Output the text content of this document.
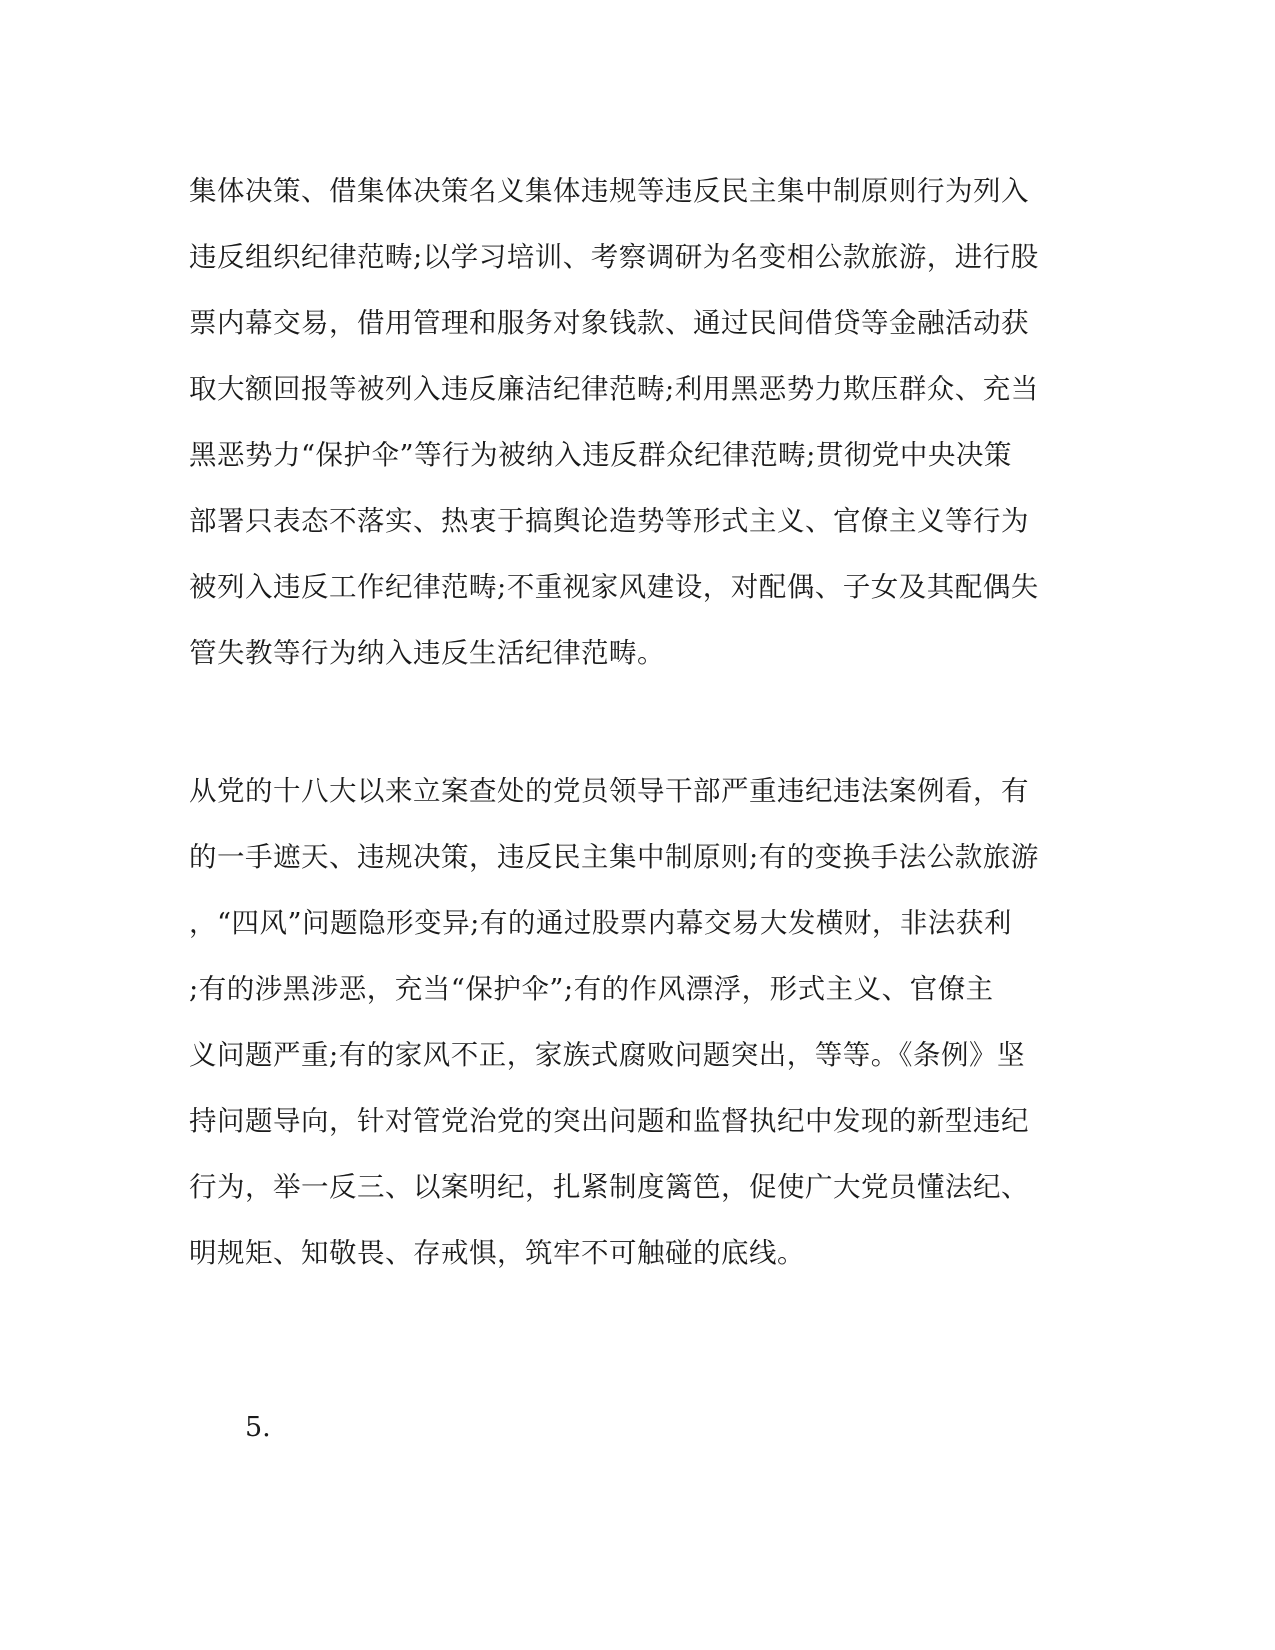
集体决策、借集体决策名义集体违规等违反民主集中制原则行为列入
违反组织纪律范畴;以学习培训、考察调研为名变相公款旅游，进行股
票内幕交易，借用管理和服务对象钱款、通过民间借贷等金融活动获
取大额回报等被列入违反廉洁纪律范畴;利用黑恶势力欺压群众、充当
黑恶势力“保护伞”等行为被纳入违反群众纪律范畴;贯彻党中央决策
部署只表态不落实、热衷于搞舆论造势等形式主义、官僚主义等行为
被列入违反工作纪律范畴;不重视家风建设，对配偶、子女及其配偶失
管失教等行为纳入违反生活纪律范畴。
从党的十八大以来立案查处的党员领导干部严重违纪违法案例看，有
的一手遮天、违规决策，违反民主集中制原则;有的变换手法公款旅游
，“四风”问题隐形变异;有的通过股票内幕交易大发横财，非法获利
;有的涉黑涉恶，充当“保护伞”;有的作风漂浮，形式主义、官僚主
义问题严重;有的家风不正，家族式腐败问题突出，等等。《条例》坚
持问题导向，针对管党治党的突出问题和监督执纪中发现的新型违纪
行为，举一反三、以案明纪，扎紧制度篱笆，促使广大党员懂法纪、
明规矩、知敬畏、存戒惧，筑牢不可触碰的底线。
5.
